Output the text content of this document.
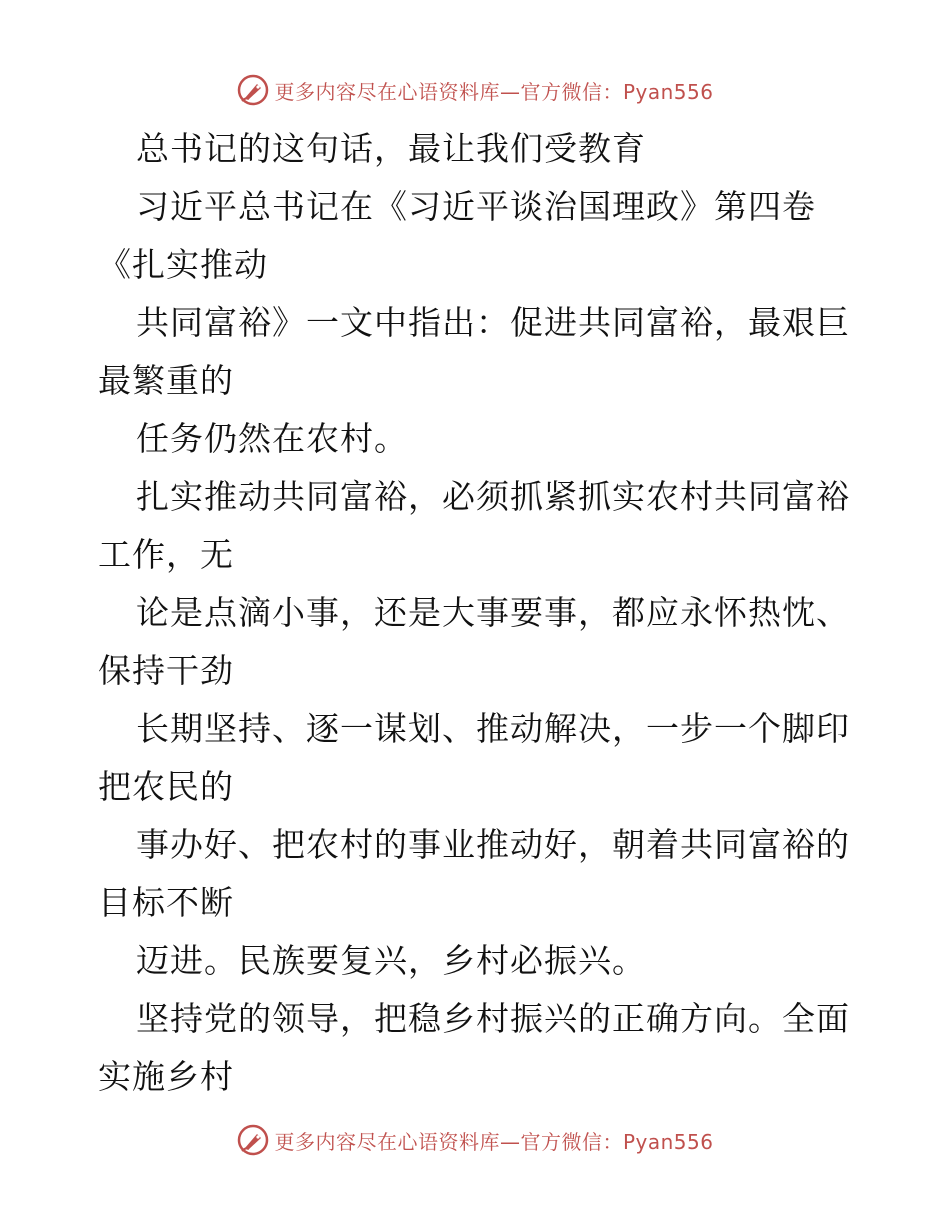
更多内容尽在心语资料库—官方微信：Pyan556
总书记的这句话，最让我们受教育
习近平总书记在《习近平谈治国理政》第四卷
《扎实推动
共同富裕》一文中指出：促进共同富裕，最艰巨
最繁重的
任务仍然在农村。
扎实推动共同富裕，必须抓紧抓实农村共同富裕
工作，无
论是点滴小事，还是大事要事，都应永怀热忱、
保持干劲
长期坚持、逐一谋划、推动解决，一步一个脚印
把农民的
事办好、把农村的事业推动好，朝着共同富裕的
目标不断
迈进。民族要复兴，乡村必振兴。
坚持党的领导，把稳乡村振兴的正确方向。全面
实施乡村
更多内容尽在心语资料库—官方微信：Pyan556
